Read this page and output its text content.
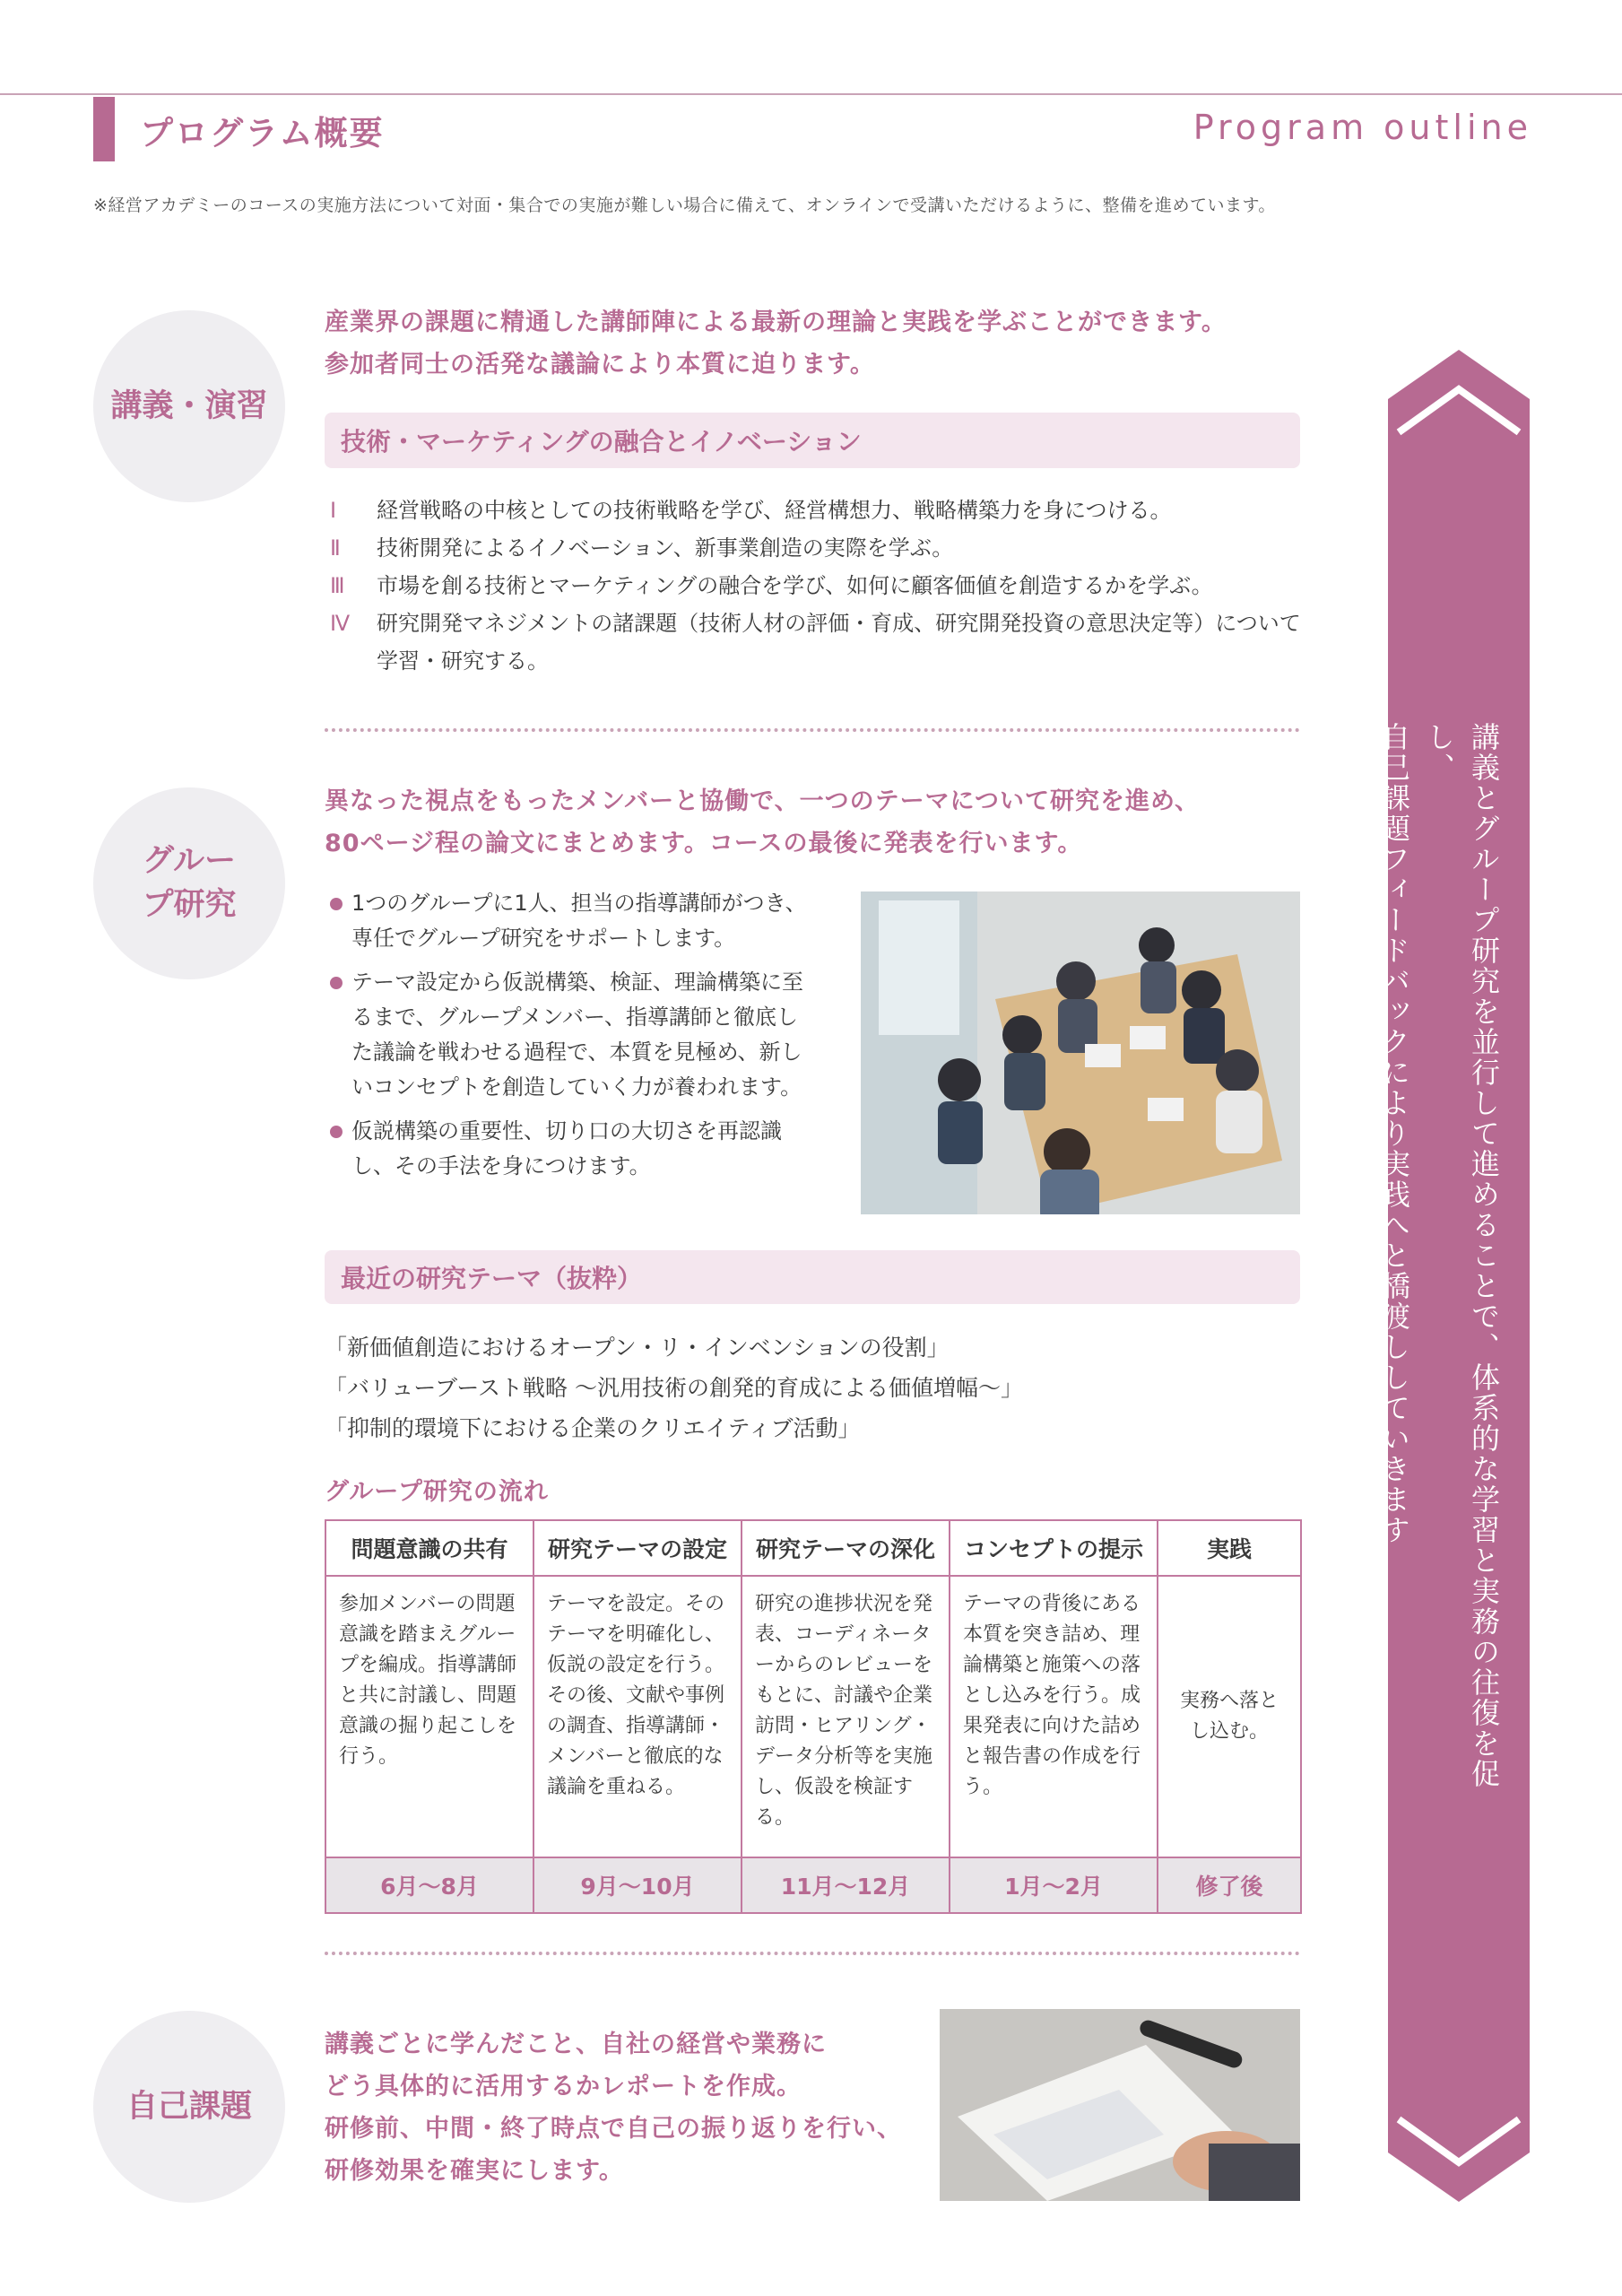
プログラム概要	Program outline
※経営アカデミーのコースの実施方法について対面・集合での実施が難しい場合に備えて、オンラインで受講いただけるように、整備を進めています。
講義・演習
産業界の課題に精通した講師陣による最新の理論と実践を学ぶことができます。
参加者同士の活発な議論により本質に迫ります。
技術・マーケティングの融合とイノベーション
Ⅰ	経営戦略の中核としての技術戦略を学び、経営構想力、戦略構築力を身につける。
Ⅱ	技術開発によるイノベーション、新事業創造の実際を学ぶ。
Ⅲ	市場を創る技術とマーケティングの融合を学び、如何に顧客価値を創造するかを学ぶ。
Ⅳ	研究開発マネジメントの諸課題（技術人材の評価・育成、研究開発投資の意思決定等）について学習・研究する。
グループ研究
異なった視点をもったメンバーと協働で、一つのテーマについて研究を進め、
80ページ程の論文にまとめます。コースの最後に発表を行います。
1つのグループに1人、担当の指導講師がつき、専任でグループ研究をサポートします。
テーマ設定から仮説構築、検証、理論構築に至るまで、グループメンバー、指導講師と徹底した議論を戦わせる過程で、本質を見極め、新しいコンセプトを創造していく力が養われます。
仮説構築の重要性、切り口の大切さを再認識し、その手法を身につけます。
最近の研究テーマ（抜粋）
「新価値創造におけるオープン・リ・インベンションの役割」
「バリューブースト戦略 〜汎用技術の創発的育成による価値増幅〜」
「抑制的環境下における企業のクリエイティブ活動」
グループ研究の流れ
問題意識の共有	研究テーマの設定	研究テーマの深化	コンセプトの提示	実践
参加メンバーの問題意識を踏まえグループを編成。指導講師と共に討議し、問題意識の掘り起こしを行う。	テーマを設定。そのテーマを明確化し、仮説の設定を行う。その後、文献や事例の調査、指導講師・メンバーと徹底的な議論を重ねる。	研究の進捗状況を発表、コーディネーターからのレビューをもとに、討議や企業訪問・ヒアリング・データ分析等を実施し、仮設を検証する。	テーマの背後にある本質を突き詰め、理論構築と施策への落とし込みを行う。成果発表に向けた詰めと報告書の作成を行う。	実務へ落とし込む。
6月〜8月	9月〜10月	11月〜12月	1月〜2月	修了後
自己課題
講義ごとに学んだこと、自社の経営や業務に
どう具体的に活用するかレポートを作成。
研修前、中間・終了時点で自己の振り返りを行い、
研修効果を確実にします。
講義とグループ研究を並行して進めることで、体系的な学習と実務の往復を促し、
自己課題フィードバックにより実践へと橋渡ししていきます
